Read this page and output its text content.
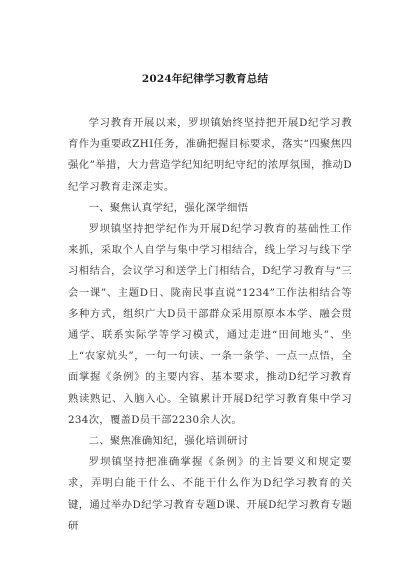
2024年纪律学习教育总结

学习教育开展以来，罗坝镇始终坚持把开展D纪学习教育作为重要政ZHI任务，准确把握目标要求，落实“四聚焦四强化”举措，大力营造学纪知纪明纪守纪的浓厚氛围，推动D纪学习教育走深走实。

一、聚焦认真学纪，强化深学细悟

罗坝镇坚持把学纪作为开展D纪学习教育的基础性工作来抓，采取个人自学与集中学习相结合，线上学习与线下学习相结合，会议学习和送学上门相结合，D纪学习教育与“三会一课”、主题D日、陇南民事直说“1234”工作法相结合等多种方式，组织广大D员干部群众采用原原本本学、融会贯通学、联系实际学等学习模式，通过走进“田间地头”、坐上“农家炕头”，一句一句读、一条一条学、一点一点悟，全面掌握《条例》的主要内容、基本要求，推动D纪学习教育熟读熟记、入脑入心。全镇累计开展D纪学习教育集中学习234次，覆盖D员干部2230余人次。

二、聚焦准确知纪，强化培训研讨

罗坝镇坚持把准确掌握《条例》的主旨要义和规定要求，弄明白能干什么、不能干什么作为D纪学习教育的关键，通过举办D纪学习教育专题D课、开展D纪学习教育专题研
